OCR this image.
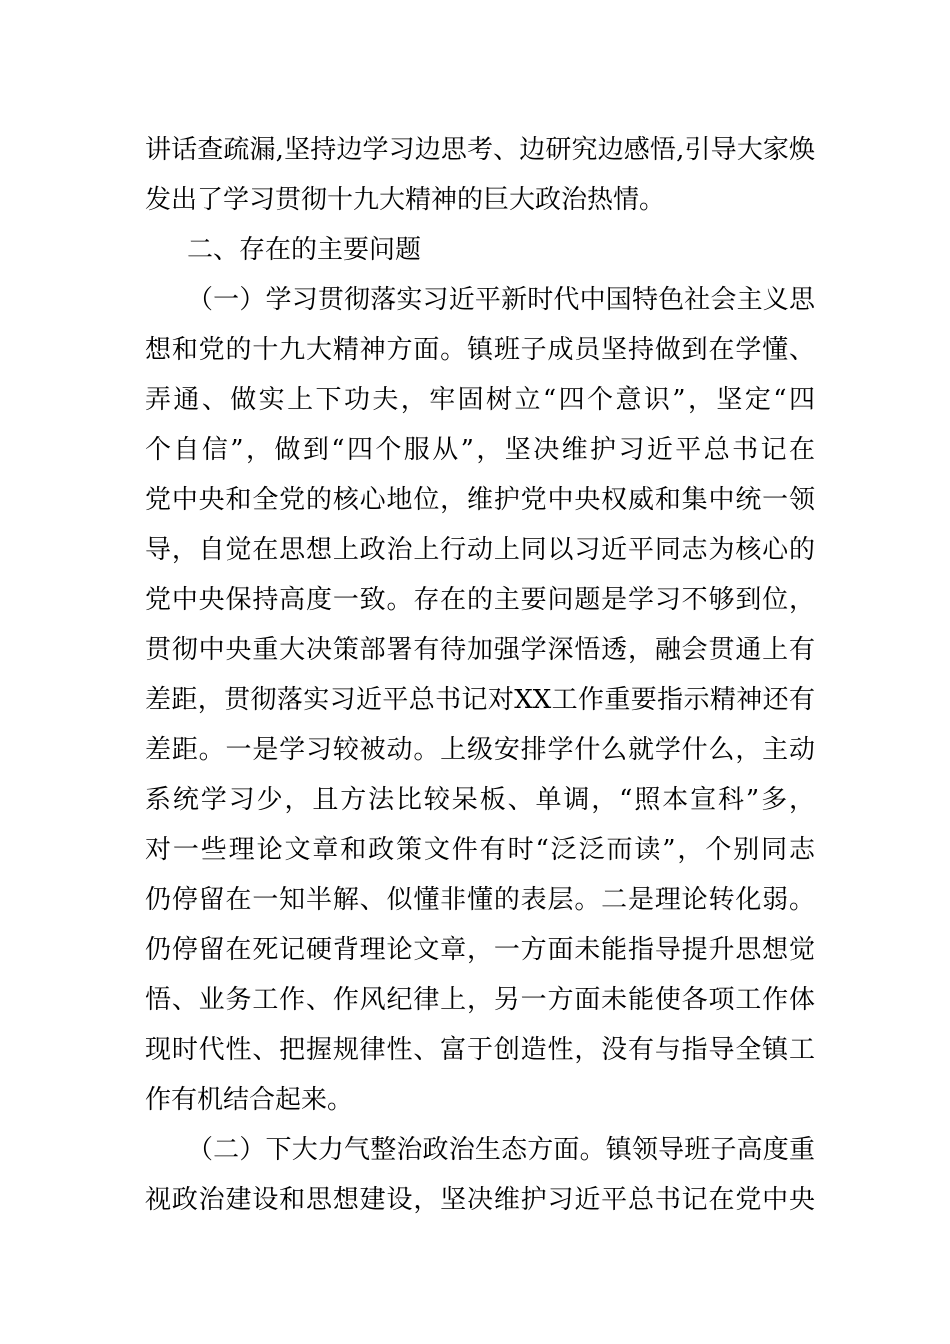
讲话查疏漏,坚持边学习边思考、边研究边感悟,引导大家焕
发出了学习贯彻十九大精神的巨大政治热情。
二、存在的主要问题
（一）学习贯彻落实习近平新时代中国特色社会主义思
想和党的十九大精神方面。镇班子成员坚持做到在学懂、
弄通、做实上下功夫，牢固树立“四个意识”，坚定“四
个自信”，做到“四个服从”，坚决维护习近平总书记在
党中央和全党的核心地位，维护党中央权威和集中统一领
导，自觉在思想上政治上行动上同以习近平同志为核心的
党中央保持高度一致。存在的主要问题是学习不够到位，
贯彻中央重大决策部署有待加强学深悟透，融会贯通上有
差距，贯彻落实习近平总书记对XX工作重要指示精神还有
差距。一是学习较被动。上级安排学什么就学什么，主动
系统学习少，且方法比较呆板、单调，“照本宣科”多，
对一些理论文章和政策文件有时“泛泛而读”，个别同志
仍停留在一知半解、似懂非懂的表层。二是理论转化弱。
仍停留在死记硬背理论文章，一方面未能指导提升思想觉
悟、业务工作、作风纪律上，另一方面未能使各项工作体
现时代性、把握规律性、富于创造性，没有与指导全镇工
作有机结合起来。
（二）下大力气整治政治生态方面。镇领导班子高度重
视政治建设和思想建设，坚决维护习近平总书记在党中央
